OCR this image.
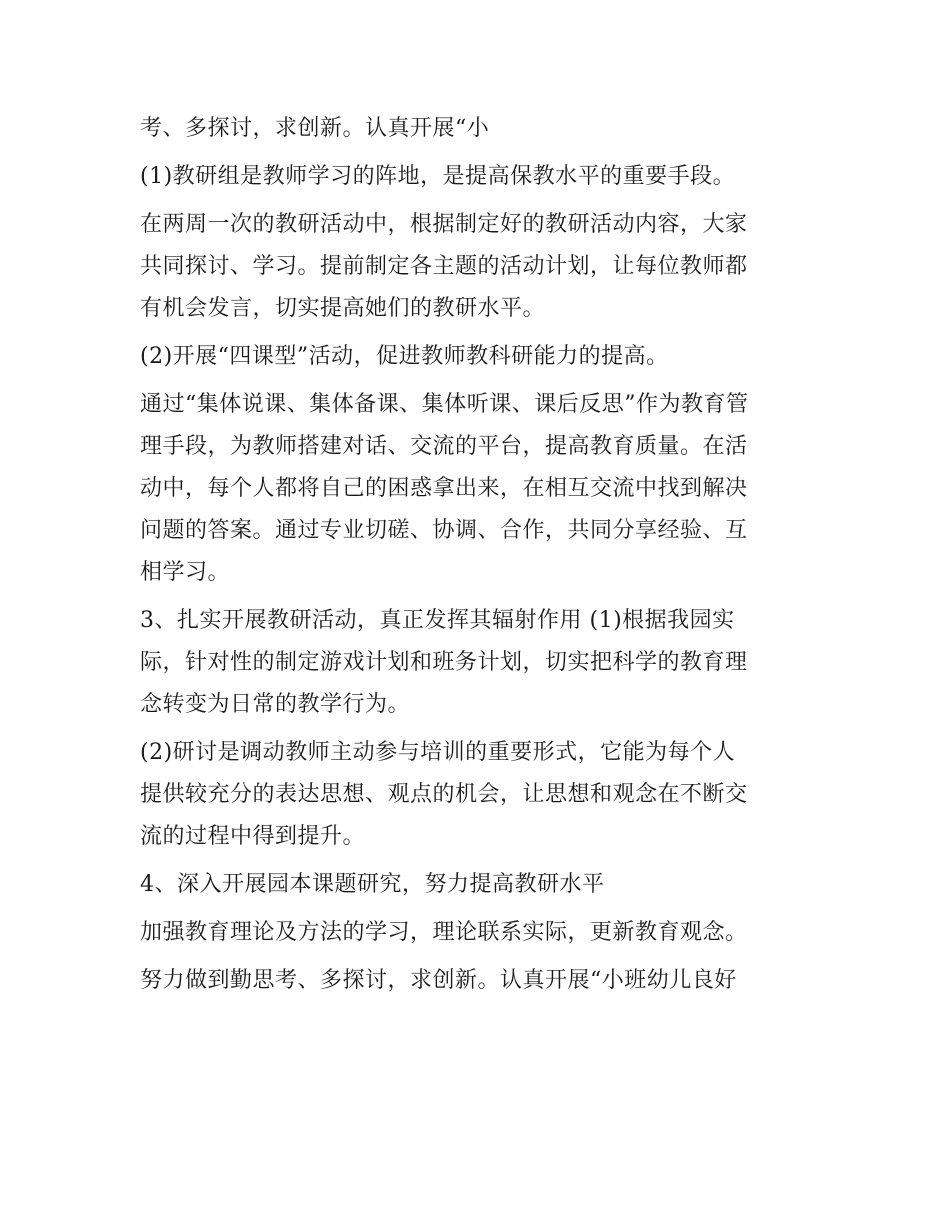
考、多探讨，求创新。认真开展“小

(1)教研组是教师学习的阵地，是提高保教水平的重要手段。

在两周一次的教研活动中，根据制定好的教研活动内容，大家
共同探讨、学习。提前制定各主题的活动计划，让每位教师都
有机会发言，切实提高她们的教研水平。

(2)开展“四课型”活动，促进教师教科研能力的提高。

通过“集体说课、集体备课、集体听课、课后反思”作为教育管
理手段，为教师搭建对话、交流的平台，提高教育质量。在活
动中，每个人都将自己的困惑拿出来，在相互交流中找到解决
问题的答案。通过专业切磋、协调、合作，共同分享经验、互
相学习。

3、扎实开展教研活动，真正发挥其辐射作用 (1)根据我园实
际，针对性的制定游戏计划和班务计划，切实把科学的教育理
念转变为日常的教学行为。

(2)研讨是调动教师主动参与培训的重要形式，它能为每个人
提供较充分的表达思想、观点的机会，让思想和观念在不断交
流的过程中得到提升。

4、深入开展园本课题研究，努力提高教研水平

加强教育理论及方法的学习，理论联系实际，更新教育观念。

努力做到勤思考、多探讨，求创新。认真开展“小班幼儿良好
